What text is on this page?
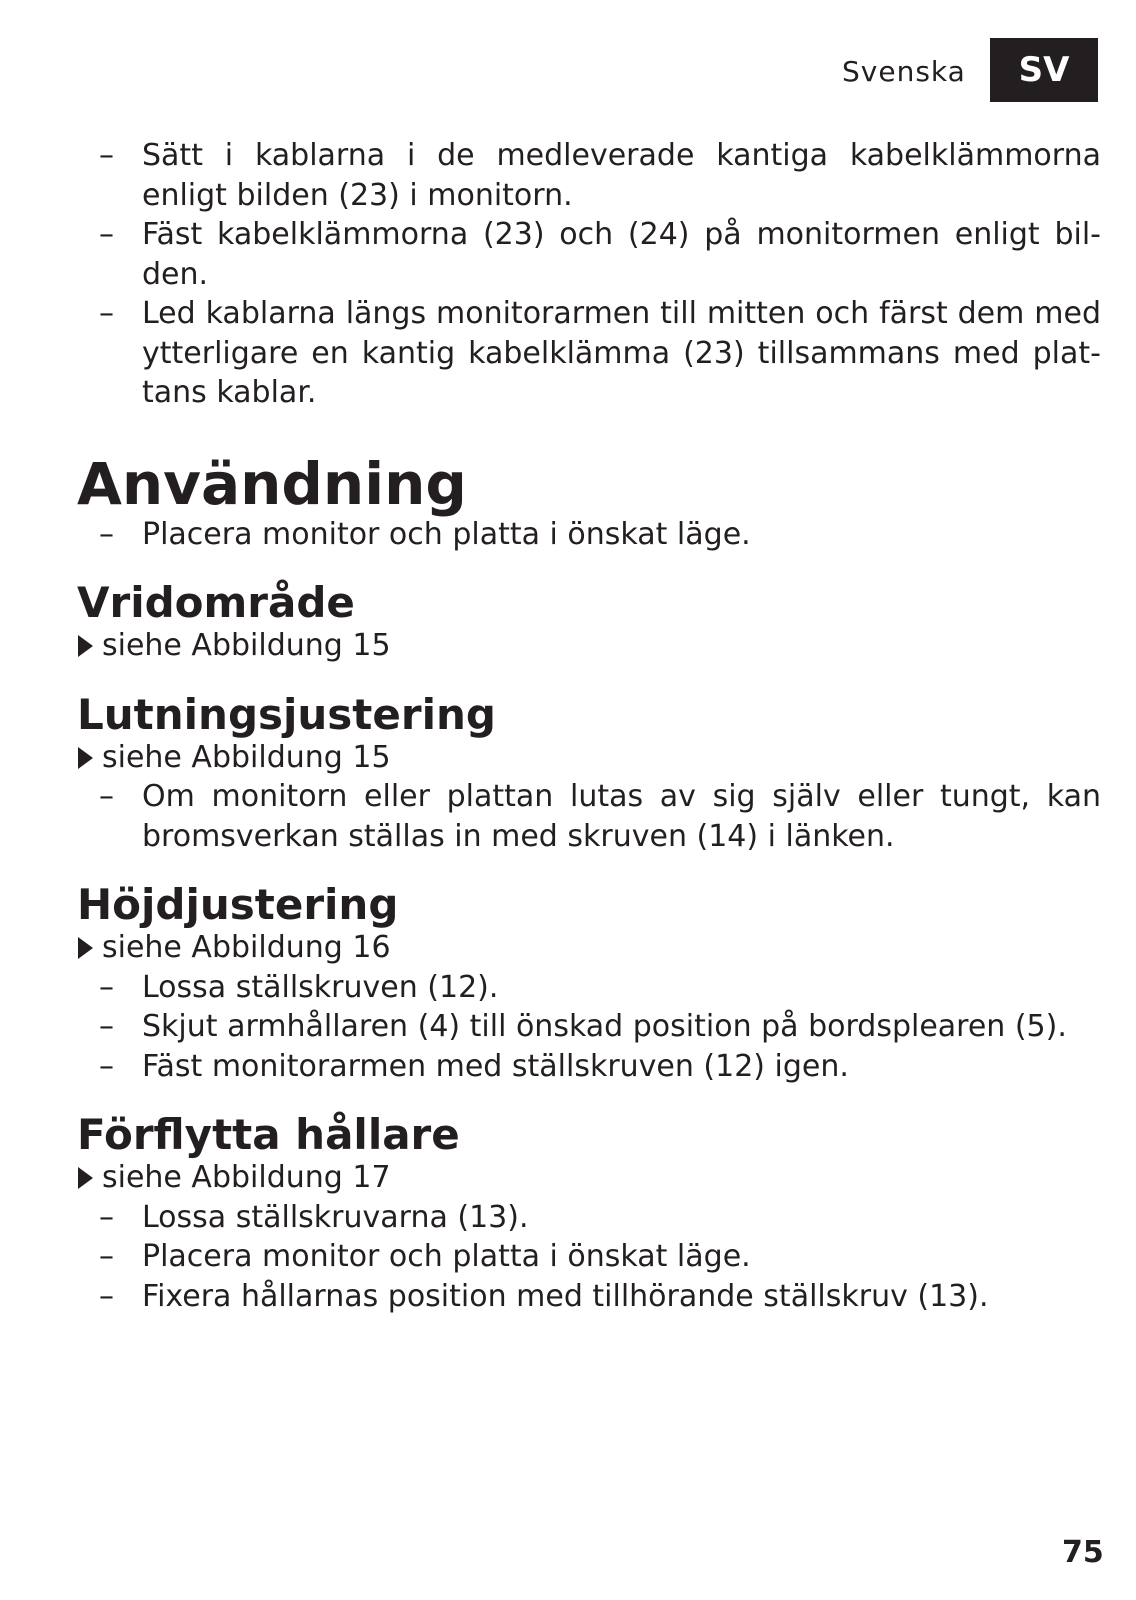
Svenska	SV
– Sätt i kablarna i de medleverade kantiga kabelklämmorna enligt bilden (23) i monitorn.
– Fäst kabelklämmorna (23) och (24) på monitormen enligt bil-den.
– Led kablarna längs monitorarmen till mitten och färst dem med ytterligare en kantig kabelklämma (23) tillsammans med plat-tans kablar.
Användning
– Placera monitor och platta i önskat läge.
Vridområde
siehe Abbildung 15
Lutningsjustering
siehe Abbildung 15
– Om monitorn eller plattan lutas av sig själv eller tungt, kan bromsverkan ställas in med skruven (14) i länken.
Höjdjustering
siehe Abbildung 16
– Lossa ställskruven (12).
– Skjut armhållaren (4) till önskad position på bordsplearen (5).
– Fäst monitorarmen med ställskruven (12) igen.
Förflytta hållare
siehe Abbildung 17
– Lossa ställskruvarna (13).
– Placera monitor och platta i önskat läge.
– Fixera hållarnas position med tillhörande ställskruv (13).
75
